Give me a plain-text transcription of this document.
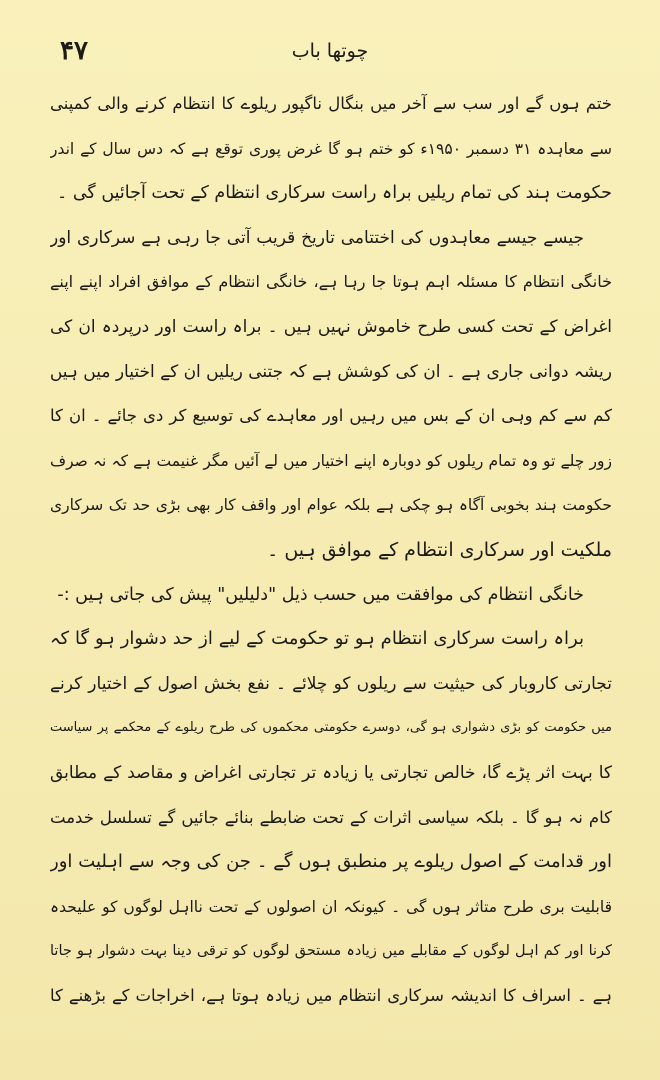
۴۷	چوتھا باب
ختم ہوں گے اور سب سے آخر میں بنگال ناگپور ریلوے کا انتظام کرنے والی کمپنی
سے معاہدہ ۳۱ دسمبر ۱۹۵۰ء کو ختم ہو گا غرض پوری توقع ہے کہ دس سال کے اندر
حکومت ہند کی تمام ریلیں براہ راست سرکاری انتظام کے تحت آجائیں گی ۔
جیسے جیسے معاہدوں کی اختتامی تاریخ قریب آتی جا رہی ہے سرکاری اور
خانگی انتظام کا مسئلہ اہم ہوتا جا رہا ہے، خانگی انتظام کے موافق افراد اپنے اپنے
اغراض کے تحت کسی طرح خاموش نہیں ہیں ۔ براہ راست اور درپردہ ان کی
ریشہ دوانی جاری ہے ۔ ان کی کوشش ہے کہ جتنی ریلیں ان کے اختیار میں ہیں
کم سے کم وہی ان کے بس میں رہیں اور معاہدے کی توسیع کر دی جائے ۔ ان کا
زور چلے تو وہ تمام ریلوں کو دوبارہ اپنے اختیار میں لے آئیں مگر غنیمت ہے کہ نہ صرف
حکومت ہند بخوبی آگاہ ہو چکی ہے بلکہ عوام اور واقف کار بھی بڑی حد تک سرکاری
ملکیت اور سرکاری انتظام کے موافق ہیں ۔
خانگی انتظام کی موافقت میں حسب ذیل "دلیلیں" پیش کی جاتی ہیں :-
براہ راست سرکاری انتظام ہو تو حکومت کے لیے از حد دشوار ہو گا کہ
تجارتی کاروبار کی حیثیت سے ریلوں کو چلائے ۔ نفع بخش اصول کے اختیار کرنے
میں حکومت کو بڑی دشواری ہو گی، دوسرے حکومتی محکموں کی طرح ریلوے کے محکمے پر سیاست
کا بہت اثر پڑے گا، خالص تجارتی یا زیادہ تر تجارتی اغراض و مقاصد کے مطابق
کام نہ ہو گا ۔ بلکہ سیاسی اثرات کے تحت ضابطے بنائے جائیں گے تسلسل خدمت
اور قدامت کے اصول ریلوے پر منطبق ہوں گے ۔ جن کی وجہ سے اہلیت اور
قابلیت بری طرح متاثر ہوں گی ۔ کیونکہ ان اصولوں کے تحت نااہل لوگوں کو علیحدہ
کرنا اور کم اہل لوگوں کے مقابلے میں زیادہ مستحق لوگوں کو ترقی دینا بہت دشوار ہو جاتا
ہے ۔ اسراف کا اندیشہ سرکاری انتظام میں زیادہ ہوتا ہے، اخراجات کے بڑھنے کا
